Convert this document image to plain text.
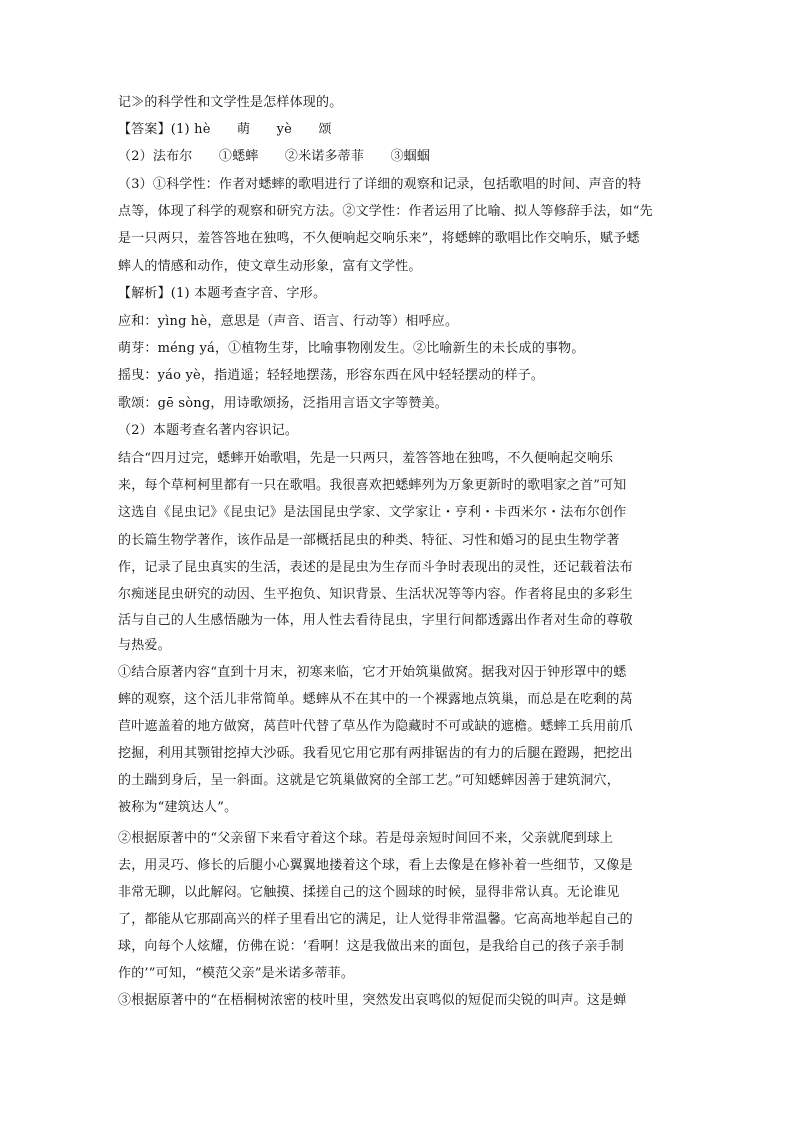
记≫的科学性和文学性是怎样体现的。
【答案】(1) hè　　萌　　yè　　颂
（2）法布尔　　①蟋蟀　　②米诺多蒂菲　　③蝈蝈
（3）①科学性：作者对蟋蟀的歌唱进行了详细的观察和记录，包括歌唱的时间、声音的特
点等，体现了科学的观察和研究方法。②文学性：作者运用了比喻、拟人等修辞手法，如“先
是一只两只，羞答答地在独鸣，不久便响起交响乐来”，将蟋蟀的歌唱比作交响乐，赋予蟋
蟀人的情感和动作，使文章生动形象，富有文学性。
【解析】(1) 本题考查字音、字形。
应和：yìng hè，意思是（声音、语言、行动等）相呼应。
萌芽：méng yá，①植物生芽，比喻事物刚发生。②比喻新生的未长成的事物。
摇曳：yáo yè，指逍遥；轻轻地摆荡，形容东西在风中轻轻摆动的样子。
歌颂：gē sòng，用诗歌颂扬，泛指用言语文字等赞美。
（2）本题考查名著内容识记。
结合“四月过完，蟋蟀开始歌唱，先是一只两只，羞答答地在独鸣，不久便响起交响乐
来，每个草柯柯里都有一只在歌唱。我很喜欢把蟋蟀列为万象更新时的歌唱家之首”可知
这选自《昆虫记》《昆虫记》是法国昆虫学家、文学家让・亨利・卡西米尔・法布尔创作
的长篇生物学著作，该作品是一部概括昆虫的种类、特征、习性和婚习的昆虫生物学著
作，记录了昆虫真实的生活，表述的是昆虫为生存而斗争时表现出的灵性，还记载着法布
尔痴迷昆虫研究的动因、生平抱负、知识背景、生活状况等等内容。作者将昆虫的多彩生
活与自己的人生感悟融为一体，用人性去看待昆虫，字里行间都透露出作者对生命的尊敬
与热爱。
①结合原著内容“直到十月末，初寒来临，它才开始筑巢做窝。据我对囚于钟形罩中的蟋
蟀的观察，这个活儿非常简单。蟋蟀从不在其中的一个裸露地点筑巢，而总是在吃剩的莴
苣叶遮盖着的地方做窝，莴苣叶代替了草丛作为隐藏时不可或缺的遮檐。蟋蟀工兵用前爪
挖掘，利用其颚钳挖掉大沙砾。我看见它用它那有两排锯齿的有力的后腿在蹬踢，把挖出
的土踹到身后，呈一斜面。这就是它筑巢做窝的全部工艺。”可知蟋蟀因善于建筑洞穴，
被称为“建筑达人”。
②根据原著中的“父亲留下来看守着这个球。若是母亲短时间回不来，父亲就爬到球上
去，用灵巧、修长的后腿小心翼翼地搂着这个球，看上去像是在修补着一些细节，又像是
非常无聊，以此解闷。它触摸、揉搓自己的这个圆球的时候，显得非常认真。无论谁见
了，都能从它那副高兴的样子里看出它的满足，让人觉得非常温馨。它高高地举起自己的
球，向每个人炫耀，仿佛在说：‘看啊！这是我做出来的面包，是我给自己的孩子亲手制
作的’”可知，“模范父亲”是米诺多蒂菲。
③根据原著中的“在梧桐树浓密的枝叶里，突然发出哀鸣似的短促而尖锐的叫声。这是蝉
